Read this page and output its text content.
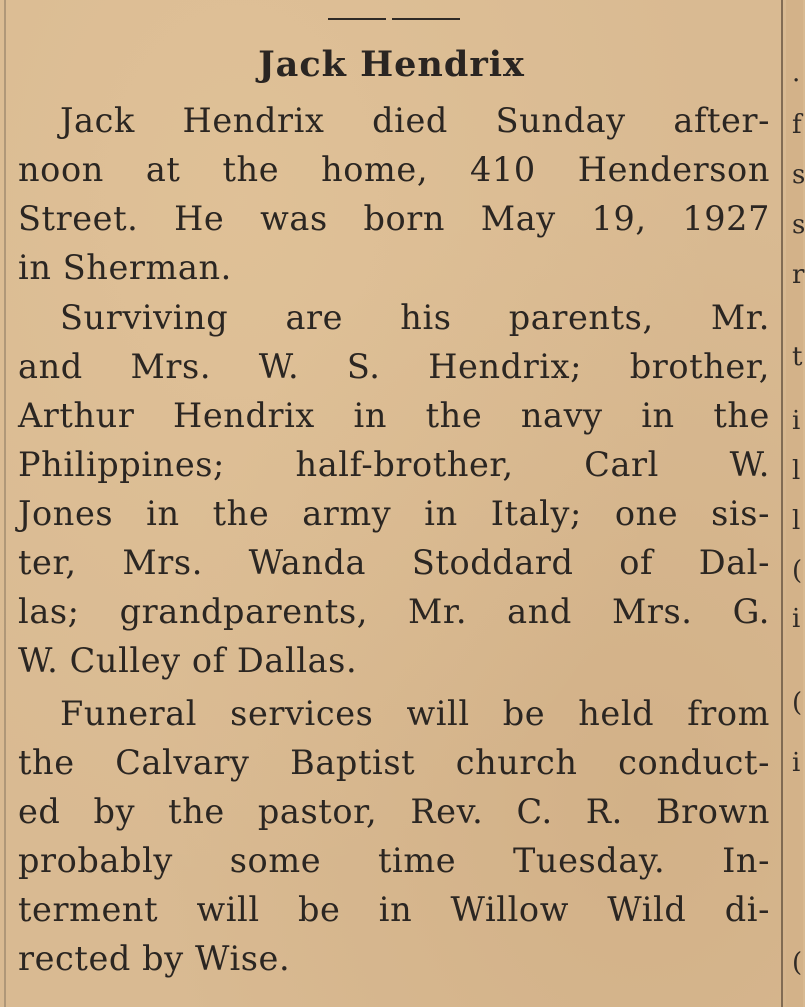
Jack Hendrix
Jack Hendrix died Sunday after-
noon at the home, 410 Henderson
Street. He was born May 19, 1927
in Sherman.
Surviving are his parents, Mr.
and Mrs. W. S. Hendrix; brother,
Arthur Hendrix in the navy in the
Philippines; half-brother, Carl W.
Jones in the army in Italy; one sis-
ter, Mrs. Wanda Stoddard of Dal-
las; grandparents, Mr. and Mrs. G.
W. Culley of Dallas.
Funeral services will be held from
the Calvary Baptist church conduct-
ed by the pastor, Rev. C. R. Brown
probably some time Tuesday. In-
terment will be in Willow Wild di-
rected by Wise.
.
f
s
s
r
t
i
l
l
(
i
(
i
(
